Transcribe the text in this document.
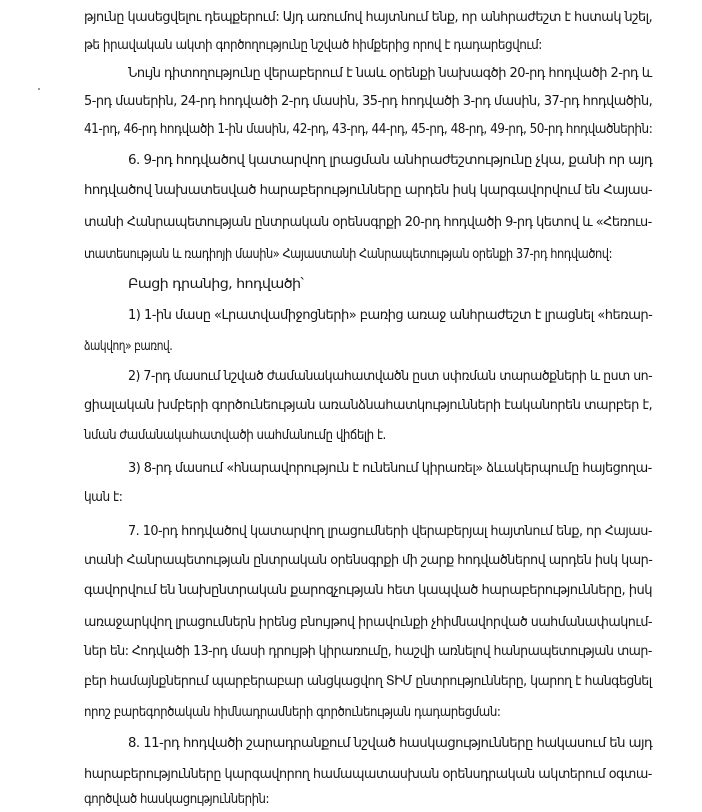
թյունը կասեցվելու դեպքերում: Այդ առումով հայտնում ենք, որ անհրաժեշտ է հստակ նշել,
թե իրավական ակտի գործողությունը նշված հիմքերից որով է դադարեցվում:
Նույն դիտողությունը վերաբերում է նաև օրենքի նախագծի 20-րդ հոդվածի 2-րդ և
5-րդ մասերին, 24-րդ հոդվածի 2-րդ մասին, 35-րդ հոդվածի 3-րդ մասին, 37-րդ հոդվածին,
41-րդ, 46-րդ հոդվածի 1-ին մասին, 42-րդ, 43-րդ, 44-րդ, 45-րդ, 48-րդ, 49-րդ, 50-րդ հոդվածներին:
6. 9-րդ հոդվածով կատարվող լրացման անհրաժեշտությունը չկա, քանի որ այդ
հոդվածով նախատեսված հարաբերությունները արդեն իսկ կարգավորվում են Հայաս-
տանի Հանրապետության ընտրական օրենսգրքի 20-րդ հոդվածի 9-րդ կետով և «Հեռուս-
տատեսության և ռադիոյի մասին» Հայաստանի Հանրապետության օրենքի 37-րդ հոդվածով:
Բացի դրանից, հոդվածի՝
1) 1-ին մասը «Լրատվամիջոցների» բառից առաջ անհրաժեշտ է լրացնել «հեռար-
ձակվող» բառով.
2) 7-րդ մասում նշված ժամանակահատվածն ըստ սփռման տարածքների և ըստ սո-
ցիալական խմբերի գործունեության առանձնահատկությունների էականորեն տարբեր է,
նման ժամանակահատվածի սահմանումը վիճելի է.
3) 8-րդ մասում «հնարավորություն է ունենում կիրառել» ձևակերպումը հայեցողա-
կան է:
7. 10-րդ հոդվածով կատարվող լրացումների վերաբերյալ հայտնում ենք, որ Հայաս-
տանի Հանրապետության ընտրական օրենսգրքի մի շարք հոդվածներով արդեն իսկ կար-
գավորվում են նախընտրական քարոզչության հետ կապված հարաբերությունները, իսկ
առաջարկվող լրացումներն իրենց բնույթով իրավունքի չհիմնավորված սահմանափակում-
ներ են: Հոդվածի 13-րդ մասի դրույթի կիրառումը, հաշվի առնելով հանրապետության տար-
բեր համայնքներում պարբերաբար անցկացվող ՏԻՄ ընտրությունները, կարող է հանգեցնել
որոշ բարեգործական հիմնադրամների գործունեության դադարեցման:
8. 11-րդ հոդվածի շարադրանքում նշված հասկացությունները հակասում են այդ
հարաբերությունները կարգավորող համապատասխան օրենսդրական ակտերում օգտա-
գործված հասկացություններին:
